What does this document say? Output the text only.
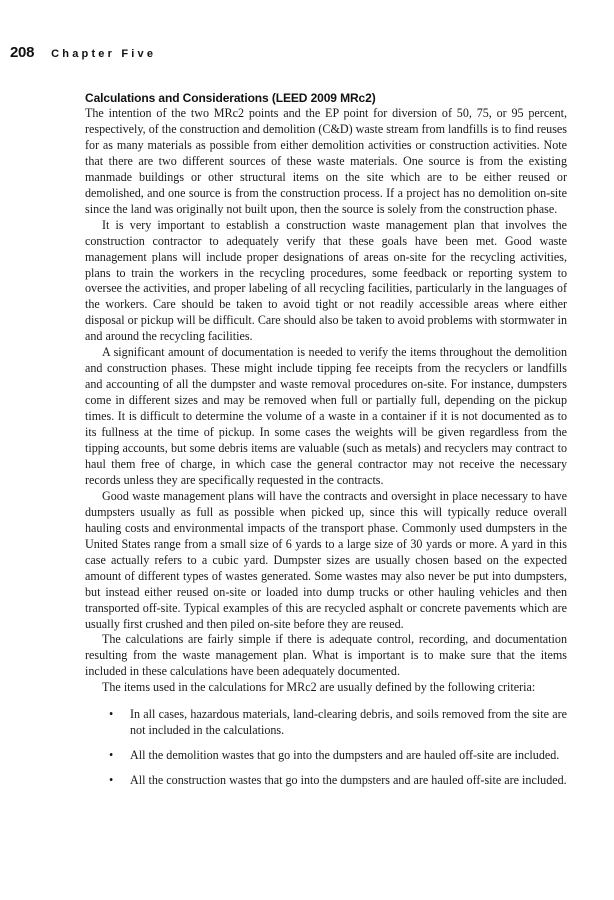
208 Chapter Five
Calculations and Considerations (LEED 2009 MRc2)

The intention of the two MRc2 points and the EP point for diversion of 50, 75, or 95 percent, respectively, of the construction and demolition (C&D) waste stream from landfills is to find reuses for as many materials as possible from either demolition activities or construction activities. Note that there are two different sources of these waste materials. One source is from the existing manmade buildings or other structural items on the site which are to be either reused or demolished, and one source is from the construction process. If a project has no demolition on-site since the land was originally not built upon, then the source is solely from the construction phase.

It is very important to establish a construction waste management plan that involves the construction contractor to adequately verify that these goals have been met. Good waste management plans will include proper designations of areas on-site for the recycling activities, plans to train the workers in the recycling procedures, some feedback or reporting system to oversee the activities, and proper labeling of all recycling facilities, particularly in the languages of the workers. Care should be taken to avoid tight or not readily accessible areas where either disposal or pickup will be difficult. Care should also be taken to avoid problems with stormwater in and around the recycling facilities.

A significant amount of documentation is needed to verify the items throughout the demolition and construction phases. These might include tipping fee receipts from the recyclers or landfills and accounting of all the dumpster and waste removal procedures on-site. For instance, dumpsters come in different sizes and may be removed when full or partially full, depending on the pickup times. It is difficult to determine the volume of a waste in a container if it is not documented as to its fullness at the time of pickup. In some cases the weights will be given regardless from the tipping accounts, but some debris items are valuable (such as metals) and recyclers may contract to haul them free of charge, in which case the general contractor may not receive the necessary records unless they are specifically requested in the contracts.

Good waste management plans will have the contracts and oversight in place necessary to have dumpsters usually as full as possible when picked up, since this will typically reduce overall hauling costs and environmental impacts of the transport phase. Commonly used dumpsters in the United States range from a small size of 6 yards to a large size of 30 yards or more. A yard in this case actually refers to a cubic yard. Dumpster sizes are usually chosen based on the expected amount of different types of wastes generated. Some wastes may also never be put into dumpsters, but instead either reused on-site or loaded into dump trucks or other hauling vehicles and then transported off-site. Typical examples of this are recycled asphalt or concrete pavements which are usually first crushed and then piled on-site before they are reused.

The calculations are fairly simple if there is adequate control, recording, and documentation resulting from the waste management plan. What is important is to make sure that the items included in these calculations have been adequately documented.

The items used in the calculations for MRc2 are usually defined by the following criteria:

• In all cases, hazardous materials, land-clearing debris, and soils removed from the site are not included in the calculations.
• All the demolition wastes that go into the dumpsters and are hauled off-site are included.
• All the construction wastes that go into the dumpsters and are hauled off-site are included.
